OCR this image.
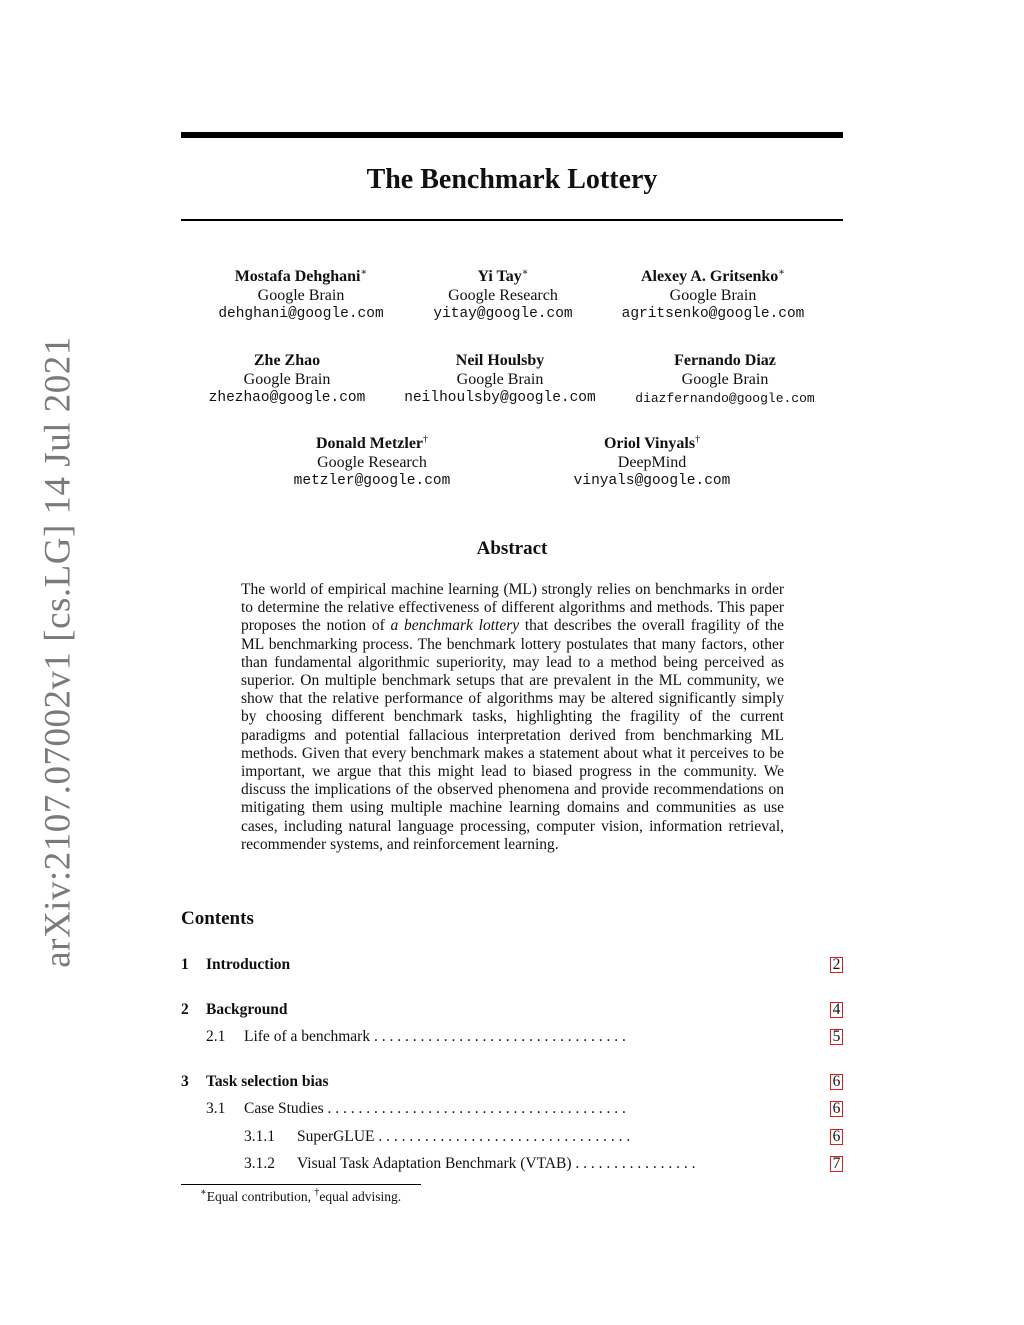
arXiv:2107.07002v1 [cs.LG] 14 Jul 2021
The Benchmark Lottery
Mostafa Dehghani∗
Google Brain
dehghani@google.com
Yi Tay∗
Google Research
yitay@google.com
Alexey A. Gritsenko∗
Google Brain
agritsenko@google.com
Zhe Zhao
Google Brain
zhezhao@google.com
Neil Houlsby
Google Brain
neilhoulsby@google.com
Fernando Diaz
Google Brain
diazfernando@google.com
Donald Metzler†
Google Research
metzler@google.com
Oriol Vinyals†
DeepMind
vinyals@google.com
Abstract
The world of empirical machine learning (ML) strongly relies on benchmarks in order to determine the relative effectiveness of different algorithms and methods. This paper proposes the notion of a benchmark lottery that describes the overall fragility of the ML benchmarking process. The benchmark lottery postulates that many factors, other than fundamental algorithmic superiority, may lead to a method being perceived as superior. On multiple benchmark setups that are prevalent in the ML community, we show that the relative performance of algorithms may be altered significantly simply by choosing different benchmark tasks, highlighting the fragility of the current paradigms and potential fallacious interpretation derived from benchmarking ML methods. Given that every benchmark makes a statement about what it perceives to be important, we argue that this might lead to biased progress in the community. We discuss the implications of the observed phenomena and provide recommendations on mitigating them using multiple machine learning domains and communities as use cases, including natural language processing, computer vision, information retrieval, recommender systems, and reinforcement learning.
Contents
1 Introduction	2
2 Background	4
2.1 Life of a benchmark . . . . . . . . . . . . . . . . . . . . . . . . . . . . . . . . .	5
3 Task selection bias	6
3.1 Case Studies . . . . . . . . . . . . . . . . . . . . . . . . . . . . . . . . . . . . . . .	6
3.1.1 SuperGLUE . . . . . . . . . . . . . . . . . . . . . . . . . . . . . . . . .	6
3.1.2 Visual Task Adaptation Benchmark (VTAB) . . . . . . . . . . . . . . . .	7
∗Equal contribution, †equal advising.
